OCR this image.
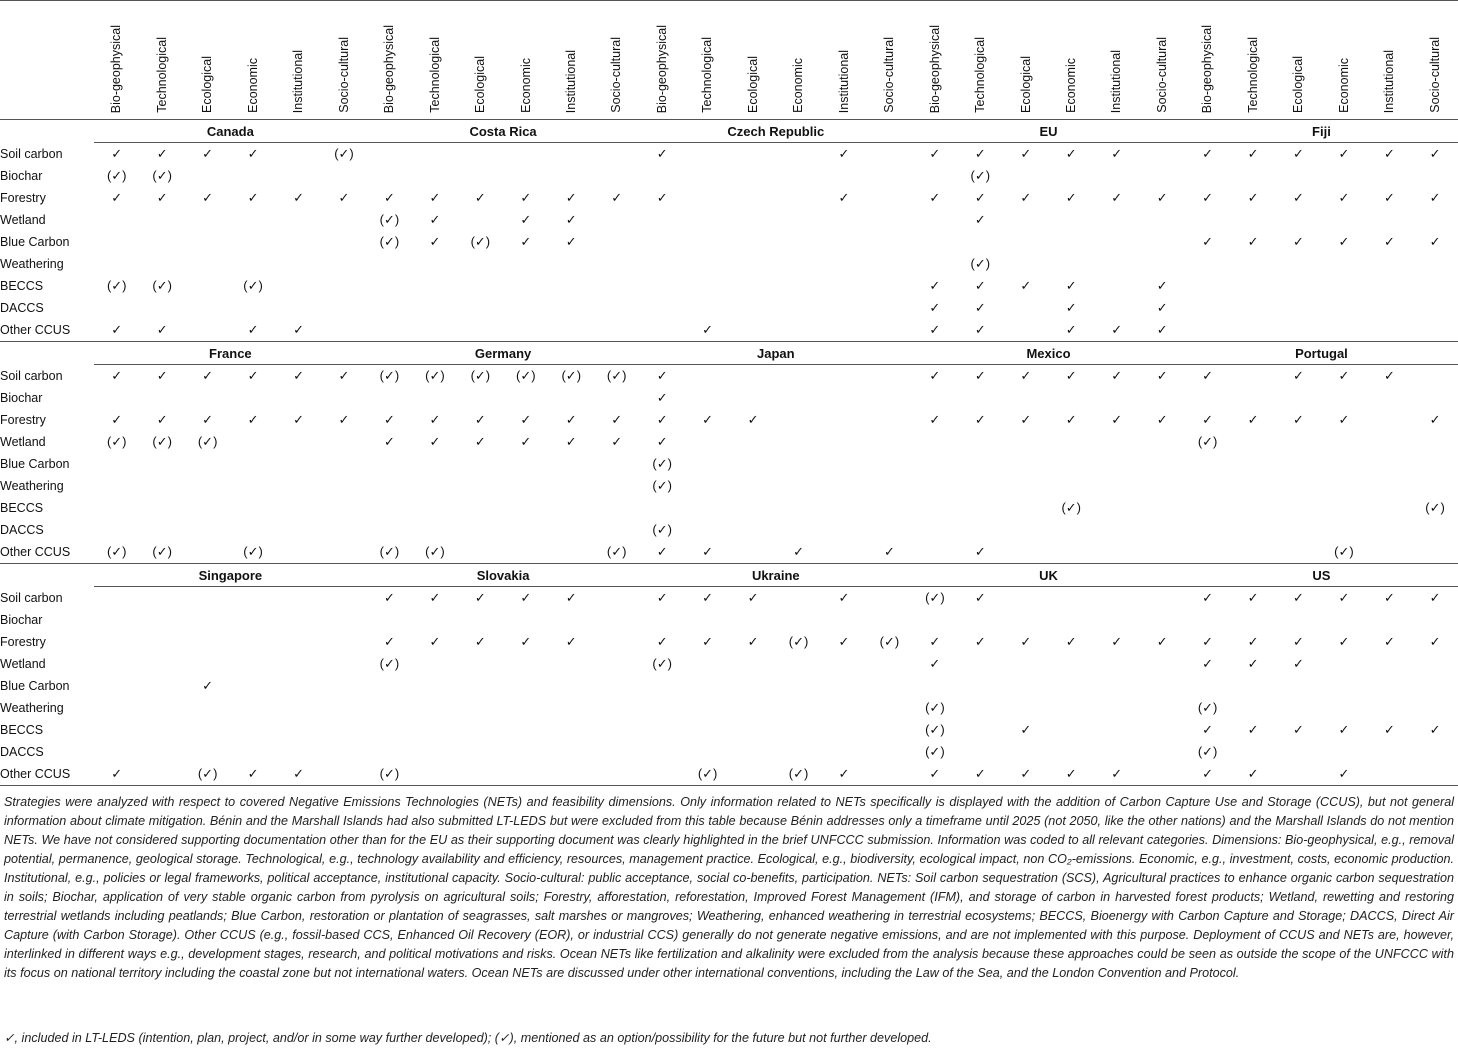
	Bio-geophysical	Technological	Ecological	Economic	Institutional	Socio-cultural	Bio-geophysical	Technological	Ecological	Economic	Institutional	Socio-cultural	Bio-geophysical	Technological	Ecological	Economic	Institutional	Socio-cultural	Bio-geophysical	Technological	Ecological	Economic	Institutional	Socio-cultural	Bio-geophysical	Technological	Ecological	Economic	Institutional	Socio-cultural

	Canada						Costa Rica						Czech Republic						EU						Fiji					
Soil carbon	✓	✓	✓	✓		(✓)							✓				✓		✓	✓	✓	✓	✓		✓	✓	✓	✓	✓	✓
Biochar	(✓)	(✓)																		(✓)										
Forestry	✓	✓	✓	✓	✓	✓	✓	✓	✓	✓	✓	✓	✓				✓		✓	✓	✓	✓	✓	✓	✓	✓	✓	✓	✓	✓
Wetland							(✓)	✓		✓	✓									✓										
Blue Carbon							(✓)	✓	(✓)	✓	✓														✓	✓	✓	✓	✓	✓
Weathering																				(✓)										
BECCS	(✓)	(✓)		(✓)															✓	✓	✓	✓		✓						
DACCS																			✓	✓		✓		✓						
Other CCUS	✓	✓		✓	✓									✓					✓	✓		✓	✓	✓						
	France						Germany						Japan						Mexico						Portugal					
Soil carbon	✓	✓	✓	✓	✓	✓	(✓)	(✓)	(✓)	(✓)	(✓)	(✓)	✓						✓	✓	✓	✓	✓	✓	✓		✓	✓	✓	
Biochar													✓																	
Forestry	✓	✓	✓	✓	✓	✓	✓	✓	✓	✓	✓	✓	✓	✓	✓				✓	✓	✓	✓	✓	✓	✓	✓	✓	✓		✓
Wetland	(✓)	(✓)	(✓)				✓	✓	✓	✓	✓	✓	✓												(✓)					
Blue Carbon													(✓)																	
Weathering													(✓)																	
BECCS																						(✓)								(✓)
DACCS													(✓)																	
Other CCUS	(✓)	(✓)		(✓)			(✓)	(✓)				(✓)	✓	✓		✓		✓		✓								(✓)		
	Singapore						Slovakia						Ukraine						UK						US					
Soil carbon							✓	✓	✓	✓	✓		✓	✓	✓		✓		(✓)	✓					✓	✓	✓	✓	✓	✓
Biochar																														
Forestry							✓	✓	✓	✓	✓		✓	✓	✓	(✓)	✓	(✓)	✓	✓	✓	✓	✓	✓	✓	✓	✓	✓	✓	✓
Wetland							(✓)						(✓)						✓						✓	✓	✓			
Blue Carbon			✓																											
Weathering																			(✓)						(✓)					
BECCS																			(✓)		✓				✓	✓	✓	✓	✓	✓
DACCS																			(✓)						(✓)					
Other CCUS	✓		(✓)	✓	✓		(✓)							(✓)		(✓)	✓		✓	✓	✓	✓	✓		✓	✓		✓		

Strategies were analyzed with respect to covered Negative Emissions Technologies (NETs) and feasibility dimensions. Only information related to NETs specifically is displayed with the addition of Carbon Capture Use and Storage (CCUS), but not general information about climate mitigation. Bénin and the Marshall Islands had also submitted LT-LEDS but were excluded from this table because Bénin addresses only a timeframe until 2025 (not 2050, like the other nations) and the Marshall Islands do not mention NETs. We have not considered supporting documentation other than for the EU as their supporting document was clearly highlighted in the brief UNFCCC submission. Information was coded to all relevant categories. Dimensions: Bio-geophysical, e.g., removal potential, permanence, geological storage. Technological, e.g., technology availability and efficiency, resources, management practice. Ecological, e.g., biodiversity, ecological impact, non CO₂-emissions. Economic, e.g., investment, costs, economic production. Institutional, e.g., policies or legal frameworks, political acceptance, institutional capacity. Socio-cultural: public acceptance, social co-benefits, participation. NETs: Soil carbon sequestration (SCS), Agricultural practices to enhance organic carbon sequestration in soils; Biochar, application of very stable organic carbon from pyrolysis on agricultural soils; Forestry, afforestation, reforestation, Improved Forest Management (IFM), and storage of carbon in harvested forest products; Wetland, rewetting and restoring terrestrial wetlands including peatlands; Blue Carbon, restoration or plantation of seagrasses, salt marshes or mangroves; Weathering, enhanced weathering in terrestrial ecosystems; BECCS, Bioenergy with Carbon Capture and Storage; DACCS, Direct Air Capture (with Carbon Storage). Other CCUS (e.g., fossil-based CCS, Enhanced Oil Recovery (EOR), or industrial CCS) generally do not generate negative emissions, and are not implemented with this purpose. Deployment of CCUS and NETs are, however, interlinked in different ways e.g., development stages, research, and political motivations and risks. Ocean NETs like fertilization and alkalinity were excluded from the analysis because these approaches could be seen as outside the scope of the UNFCCC with its focus on national territory including the coastal zone but not international waters. Ocean NETs are discussed under other international conventions, including the Law of the Sea, and the London Convention and Protocol.

✓, included in LT-LEDS (intention, plan, project, and/or in some way further developed); (✓), mentioned as an option/possibility for the future but not further developed.
